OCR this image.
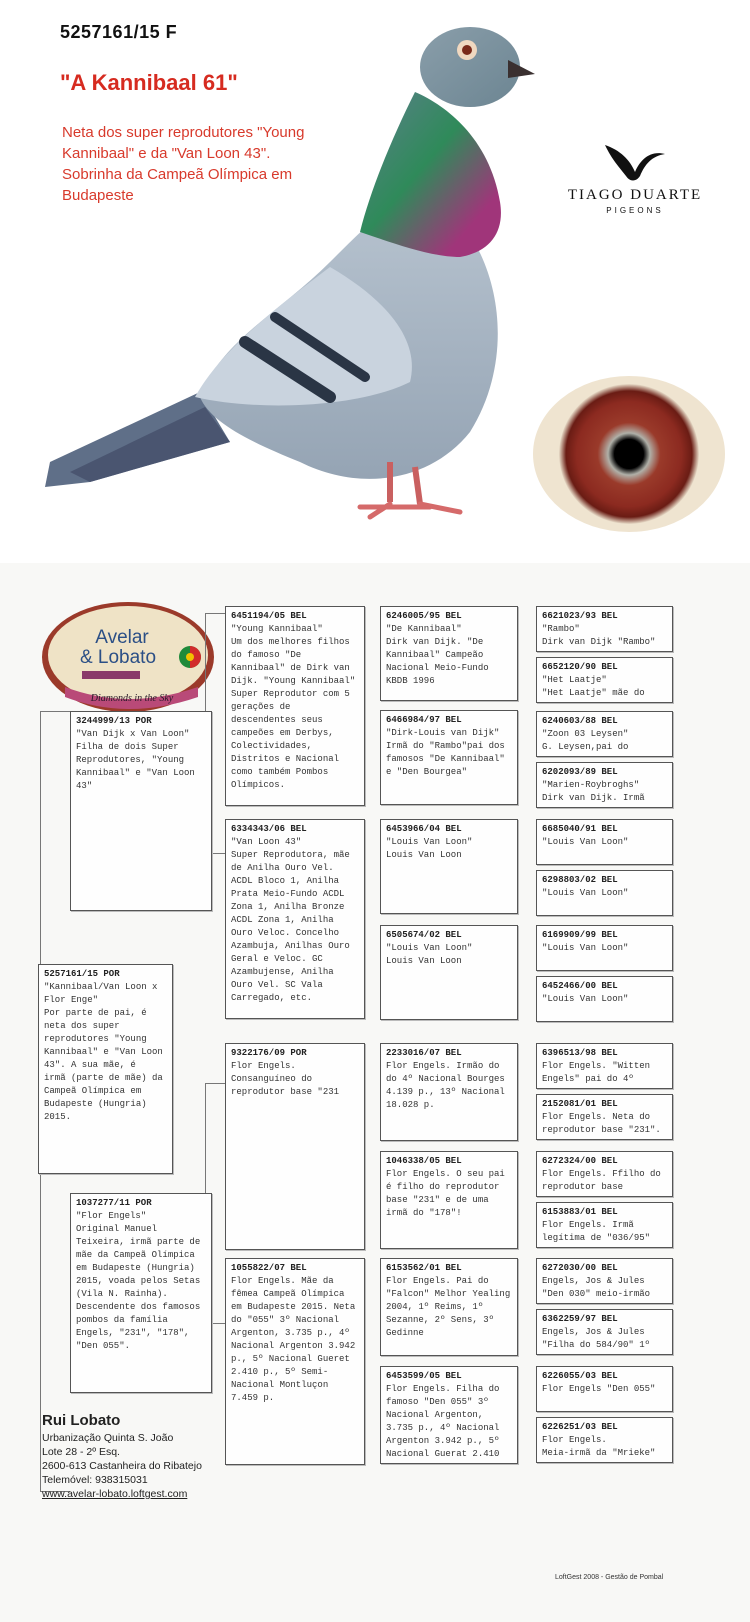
5257161/15 F
"A Kannibaal 61"
Neta dos super reprodutores "Young Kannibaal" e da "Van Loon 43". Sobrinha da Campeã Olímpica em Budapeste	TIAGO DUARTE
PIGEONS
Avelar
& Lobato
Diamonds in the Sky
5257161/15 POR
"Kannibaal/Van Loon x Flor Enge"
Por parte de pai, é neta dos super reprodutores "Young Kannibaal" e "Van Loon 43". A sua mãe, é  irmã (parte de mãe) da Campeã Olímpica em Budapeste (Hungria) 2015.
3244999/13 POR
"Van Dijk x Van Loon"
Filha de dois Super Reprodutores, "Young Kannibaal" e "Van Loon 43"
1037277/11 POR
"Flor Engels"
Original Manuel Teixeira, irmã parte de mãe da Campeã Olímpica em Budapeste (Hungria) 2015, voada pelos Setas (Vila N. Rainha). Descendente dos famosos pombos da família Engels, "231", "178", "Den 055".
6451194/05 BEL
"Young Kannibaal"
Um dos melhores filhos do famoso "De Kannibaal" de Dirk van Dijk. "Young Kannibaal" Super Reprodutor com 5 gerações de descendentes seus campeões em Derbys, Colectividades, Distritos e Nacional como também Pombos Olímpicos.
6334343/06 BEL
"Van Loon 43"
Super Reprodutora, mãe de Anilha Ouro Vel. ACDL Bloco 1, Anilha Prata Meio-Fundo ACDL Zona 1, Anilha Bronze ACDL Zona 1, Anilha  Ouro Veloc. Concelho Azambuja, Anilhas Ouro Geral e Veloc. GC Azambujense, Anilha Ouro Vel. SC Vala Carregado, etc.
9322176/09 POR
Flor Engels.
Consanguíneo do reprodutor base "231
1055822/07 BEL
Flor Engels. Mãe da fêmea Campeã Olímpica em Budapeste 2015. Neta do "055" 3º Nacional Argenton, 3.735 p., 4º Nacional Argenton 3.942 p., 5º Nacional Gueret 2.410 p., 5º Semi-Nacional Montluçon 7.459 p.
6246005/95 BEL
"De Kannibaal"
Dirk van Dijk. "De Kannibaal" Campeão Nacional Meio-Fundo KBDB 1996
6466984/97 BEL
"Dirk-Louis van Dijk"
Irmã do "Rambo"pai dos famosos "De Kannibaal" e "Den Bourgea"
6453966/04 BEL
"Louis Van Loon"
Louis Van Loon
6505674/02 BEL
"Louis Van Loon"
Louis Van Loon
2233016/07 BEL
Flor Engels. Irmão do do 4º Nacional Bourges 4.139 p., 13º Nacional 18.028 p.
1046338/05 BEL
Flor Engels. O seu pai é filho do reprodutor base "231" e de uma irmã do "178"!
6153562/01 BEL
Flor Engels. Pai do "Falcon" Melhor Yealing 2004, 1º Reims, 1º Sezanne, 2º Sens, 3º Gedinne
6453599/05 BEL
Flor Engels. Filha do famoso "Den 055" 3º Nacional Argenton, 3.735 p., 4º Nacional Argenton 3.942 p., 5º Nacional Guerat 2.410
6621023/93 BEL
"Rambo"
Dirk van Dijk "Rambo"
6652120/90 BEL
"Het Laatje"
"Het Laatje" mãe do
6240603/88 BEL
"Zoon 03 Leysen"
G. Leysen,pai do
6202093/89 BEL
"Marien-Roybroghs"
Dirk van Dijk. Irmã
6685040/91 BEL
"Louis Van Loon"
6298803/02 BEL
"Louis Van Loon"
6169909/99 BEL
"Louis Van Loon"
6452466/00 BEL
"Louis Van Loon"
6396513/98 BEL
Flor Engels. "Witten Engels" pai do 4º
2152081/01 BEL
Flor Engels. Neta do reprodutor base "231".
6272324/00 BEL
Flor Engels. Ffilho do reprodutor base
6153883/01 BEL
Flor Engels. Irmã legítima de "036/95"
6272030/00 BEL
Engels, Jos & Jules
"Den 030" meio-irmão
6362259/97 BEL
Engels, Jos & Jules
"Filha do 584/90" 1º
6226055/03 BEL
Flor Engels "Den 055"
6226251/03 BEL
Flor Engels.
Meia-irmã da "Mrieke"
Rui Lobato
Urbanização Quinta S. João
Lote 28 - 2º Esq.
2600-613 Castanheira do Ribatejo
Telemóvel: 938315031
www.avelar-lobato.loftgest.com
LoftGest 2008 - Gestão de Pombal
